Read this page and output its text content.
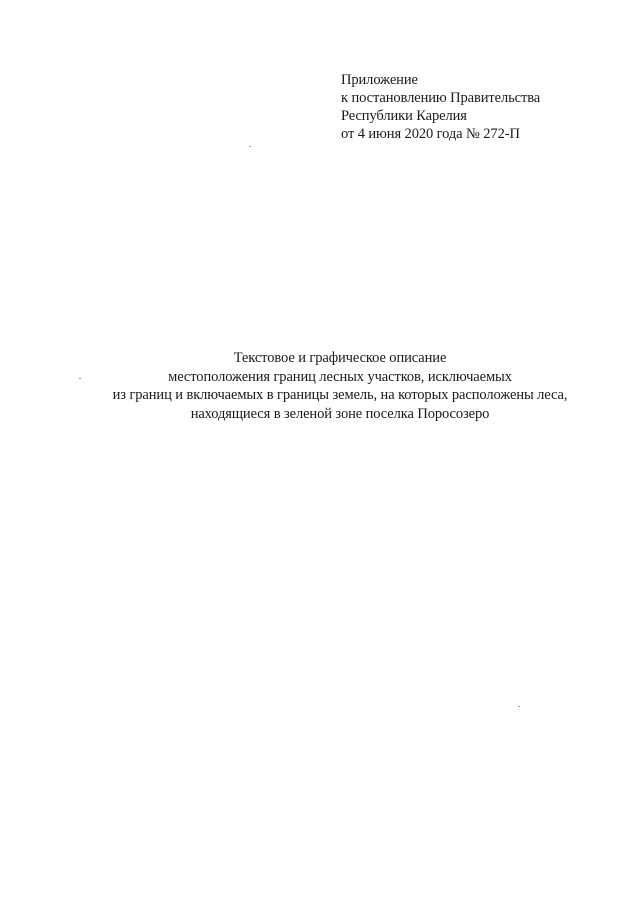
Приложение
к постановлению Правительства
Республики Карелия
от 4 июня 2020 года № 272-П
Текстовое и графическое описание
местоположения границ лесных участков, исключаемых
из границ и включаемых в границы земель, на которых расположены леса,
находящиеся в зеленой зоне поселка Поросозеро
